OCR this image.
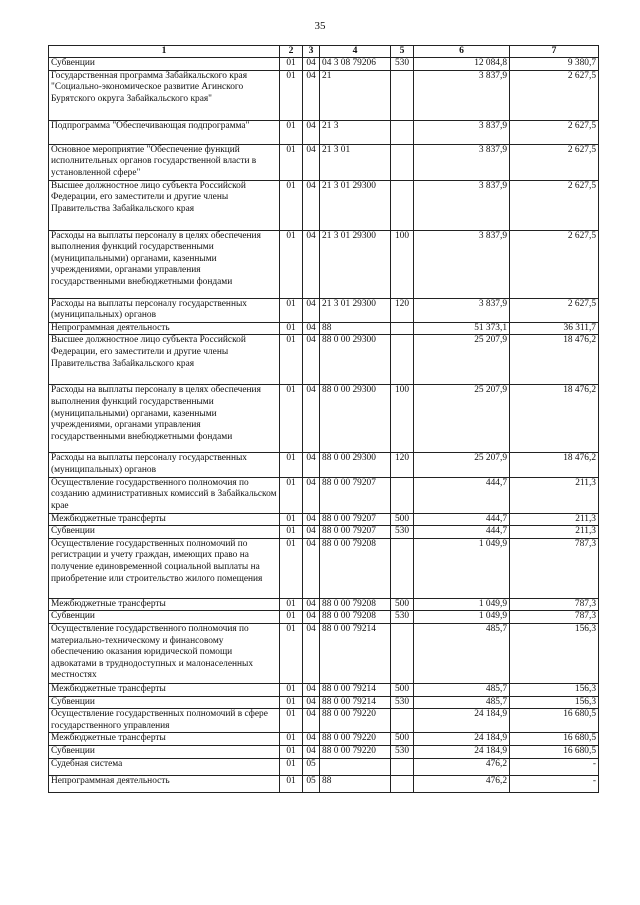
35
1	2	3	4	5	6	7
Субвенции	01	04	04 3 08 79206	530	12 084,8	9 380,7
Государственная программа Забайкальского края "Социально-экономическое развитие Агинского Бурятского округа Забайкальского края"	01	04	21		3 837,9	2 627,5
Подпрограмма "Обеспечивающая подпрограмма"	01	04	21 3		3 837,9	2 627,5
Основное мероприятие "Обеспечение функций исполнительных органов государственной власти в установленной сфере"	01	04	21 3 01		3 837,9	2 627,5
Высшее должностное лицо субъекта Российской Федерации, его заместители и другие члены Правительства Забайкальского края	01	04	21 3 01 29300		3 837,9	2 627,5
Расходы на выплаты персоналу в целях обеспечения выполнения функций государственными (муниципальными) органами, казенными учреждениями, органами управления государственными внебюджетными фондами	01	04	21 3 01 29300	100	3 837,9	2 627,5
Расходы на выплаты персоналу государственных (муниципальных) органов	01	04	21 3 01 29300	120	3 837,9	2 627,5
Непрограммная деятельность	01	04	88		51 373,1	36 311,7
Высшее должностное лицо субъекта Российской Федерации, его заместители и другие члены Правительства Забайкальского края	01	04	88 0 00 29300		25 207,9	18 476,2
Расходы на выплаты персоналу в целях обеспечения выполнения функций государственными (муниципальными) органами, казенными учреждениями, органами управления государственными внебюджетными фондами	01	04	88 0 00 29300	100	25 207,9	18 476,2
Расходы на выплаты персоналу государственных (муниципальных) органов	01	04	88 0 00 29300	120	25 207,9	18 476,2
Осуществление государственного полномочия по созданию административных комиссий в Забайкальском крае	01	04	88 0 00 79207		444,7	211,3
Межбюджетные трансферты	01	04	88 0 00 79207	500	444,7	211,3
Субвенции	01	04	88 0 00 79207	530	444,7	211,3
Осуществление государственных полномочий по регистрации и учету граждан, имеющих право на получение единовременной социальной выплаты на приобретение или строительство жилого помещения	01	04	88 0 00 79208		1 049,9	787,3
Межбюджетные трансферты	01	04	88 0 00 79208	500	1 049,9	787,3
Субвенции	01	04	88 0 00 79208	530	1 049,9	787,3
Осуществление государственного полномочия по материально-техническому и финансовому обеспечению оказания юридической помощи адвокатами в труднодоступных и малонаселенных местностях	01	04	88 0 00 79214		485,7	156,3
Межбюджетные трансферты	01	04	88 0 00 79214	500	485,7	156,3
Субвенции	01	04	88 0 00 79214	530	485,7	156,3
Осуществление государственных полномочий в сфере государственного управления	01	04	88 0 00 79220		24 184,9	16 680,5
Межбюджетные трансферты	01	04	88 0 00 79220	500	24 184,9	16 680,5
Субвенции	01	04	88 0 00 79220	530	24 184,9	16 680,5
Судебная система	01	05			476,2	-
Непрограммная деятельность	01	05	88		476,2	-
